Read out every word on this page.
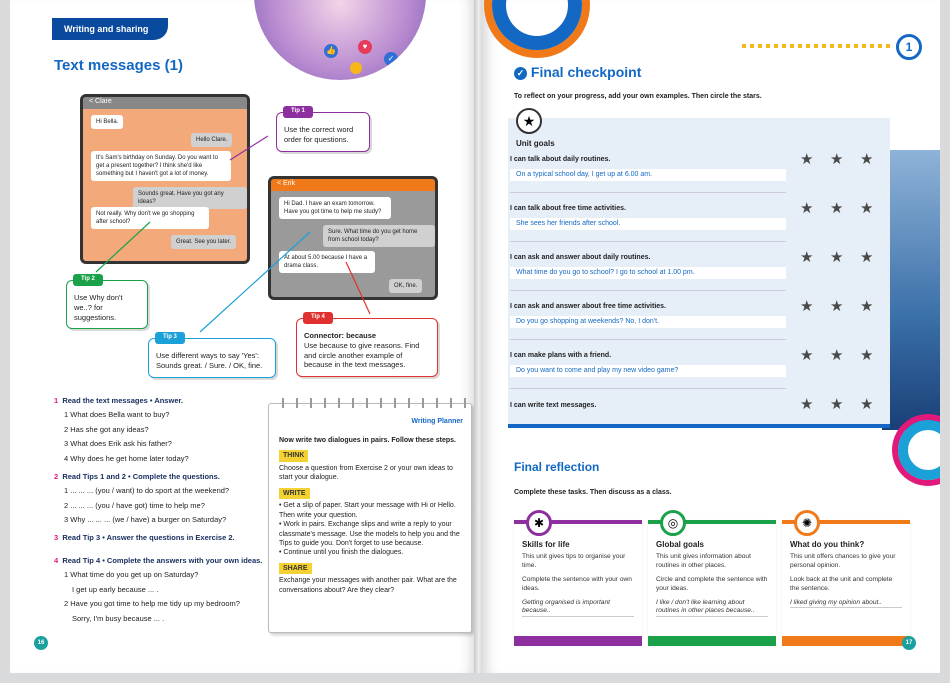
Writing and sharing
Text messages (1)
👍	♥
✓
< Clare
Hi Bella.
Hello Clare.
It's Sam's birthday on Sunday. Do you want to get a present together? I think she'd like something but I haven't got a lot of money.
Sounds great. Have you got any ideas?
Not really. Why don't we go shopping after school?
Great. See you later.
< Erik
Hi Dad. I have an exam tomorrow. Have you got time to help me study?
Sure. What time do you get home from school today?
At about 5.00 because I have a drama class.
OK, fine.
Tip 1
Use the correct word order for questions.
Tip 2
Use Why don't we..? for suggestions.
Tip 3
Use different ways to say 'Yes': Sounds great. / Sure. / OK, fine.
Tip 4
Connector: because
Use because to give reasons. Find and circle another example of because in the text messages.
1 Read the text messages • Answer.
1 What does Bella want to buy?
2 Has she got any ideas?
3 What does Erik ask his father?
4 Why does he get home later today?
2 Read Tips 1 and 2 • Complete the questions.
1 ... ... ... (you / want) to do sport at the weekend?
2 ... ... ... (you / have got) time to help me?
3 Why ... ... ... (we / have) a burger on Saturday?
3 Read Tip 3 • Answer the questions in Exercise 2.
4 Read Tip 4 • Complete the answers with your own ideas.
1 What time do you get up on Saturday?
I get up early because ... .
2 Have you got time to help me tidy up my bedroom?
Sorry, I'm busy because ... .
Writing Planner
Now write two dialogues in pairs. Follow these steps.
THINK
Choose a question from Exercise 2 or your own ideas to start your dialogue.
WRITE
• Get a slip of paper. Start your message with Hi or Hello. Then write your question.
• Work in pairs. Exchange slips and write a reply to your classmate's message. Use the models to help you and the Tips to guide you. Don't forget to use because.
• Continue until you finish the dialogues.
SHARE
Exchange your messages with another pair. What are the conversations about? Are they clear?
16
1
✓ Final checkpoint
To reflect on your progress, add your own examples. Then circle the stars.
★
Unit goals
I can talk about daily routines.
On a typical school day, I get up at 6.00 am.
I can talk about free time activities.
She sees her friends after school.
I can ask and answer about daily routines.
What time do you go to school? I go to school at 1.00 pm.
I can ask and answer about free time activities.
Do you go shopping at weekends? No, I don't.
I can make plans with a friend.
Do you want to come and play my new video game?
I can write text messages.
★ ★ ★
★ ★ ★
★ ★ ★
★ ★ ★
★ ★ ★
★ ★ ★
Final reflection
Complete these tasks. Then discuss as a class.
✱
Skills for life

This unit gives tips to organise your time.

Complete the sentence with your own ideas.

Getting organised is important because..

◎
Global goals

This unit gives information about routines in other places.

Circle and complete the sentence with your ideas.

I like / don't like learning about routines in other places because..

✺
What do you think?

This unit offers chances to give your personal opinion.

Look back at the unit and complete the sentence.

I liked giving my opinion about..

17
